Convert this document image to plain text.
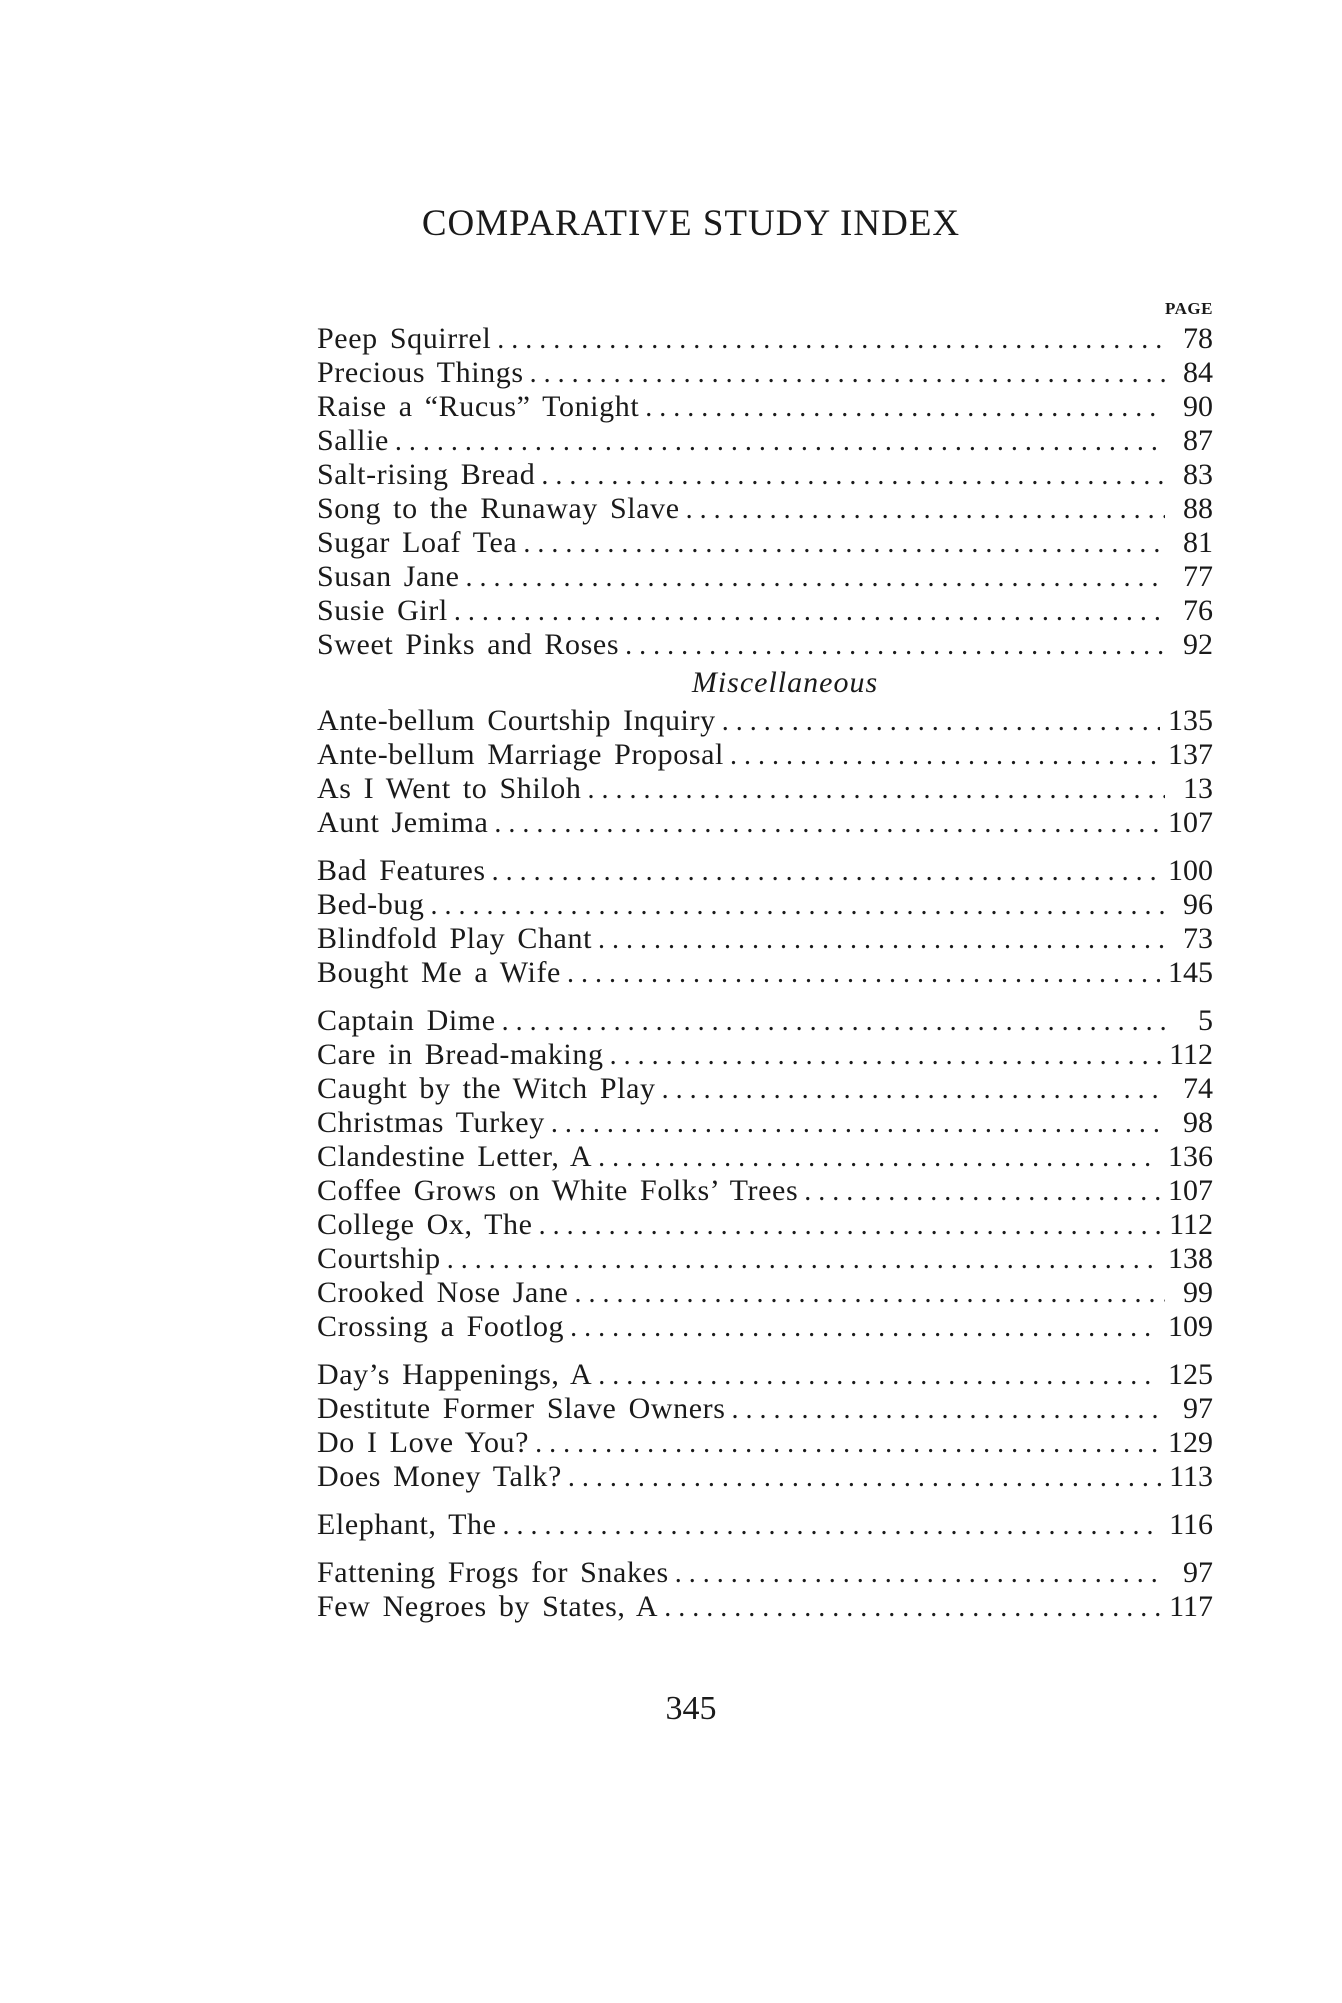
COMPARATIVE STUDY INDEX
PAGE
Peep Squirrel . . .	78
Precious Things . . .	84
Raise a “Rucus” Tonight . . .	90
Sallie . . .	87
Salt-rising Bread . . .	83
Song to the Runaway Slave . . .	88
Sugar Loaf Tea . . .	81
Susan Jane . . .	77
Susie Girl . . .	76
Sweet Pinks and Roses . . .	92
Miscellaneous
Ante-bellum Courtship Inquiry . . .	135
Ante-bellum Marriage Proposal . . .	137
As I Went to Shiloh . . .	13
Aunt Jemima . . .	107
Bad Features . . .	100
Bed-bug . . .	96
Blindfold Play Chant . . .	73
Bought Me a Wife . . .	145
Captain Dime . . .	5
Care in Bread-making . . .	112
Caught by the Witch Play . . .	74
Christmas Turkey . . .	98
Clandestine Letter, A . . .	136
Coffee Grows on White Folks’ Trees . . .	107
College Ox, The . . .	112
Courtship . . .	138
Crooked Nose Jane . . .	99
Crossing a Footlog . . .	109
Day’s Happenings, A . . .	125
Destitute Former Slave Owners . . .	97
Do I Love You? . . .	129
Does Money Talk? . . .	113
Elephant, The . . .	116
Fattening Frogs for Snakes . . .	97
Few Negroes by States, A . . .	117
345
